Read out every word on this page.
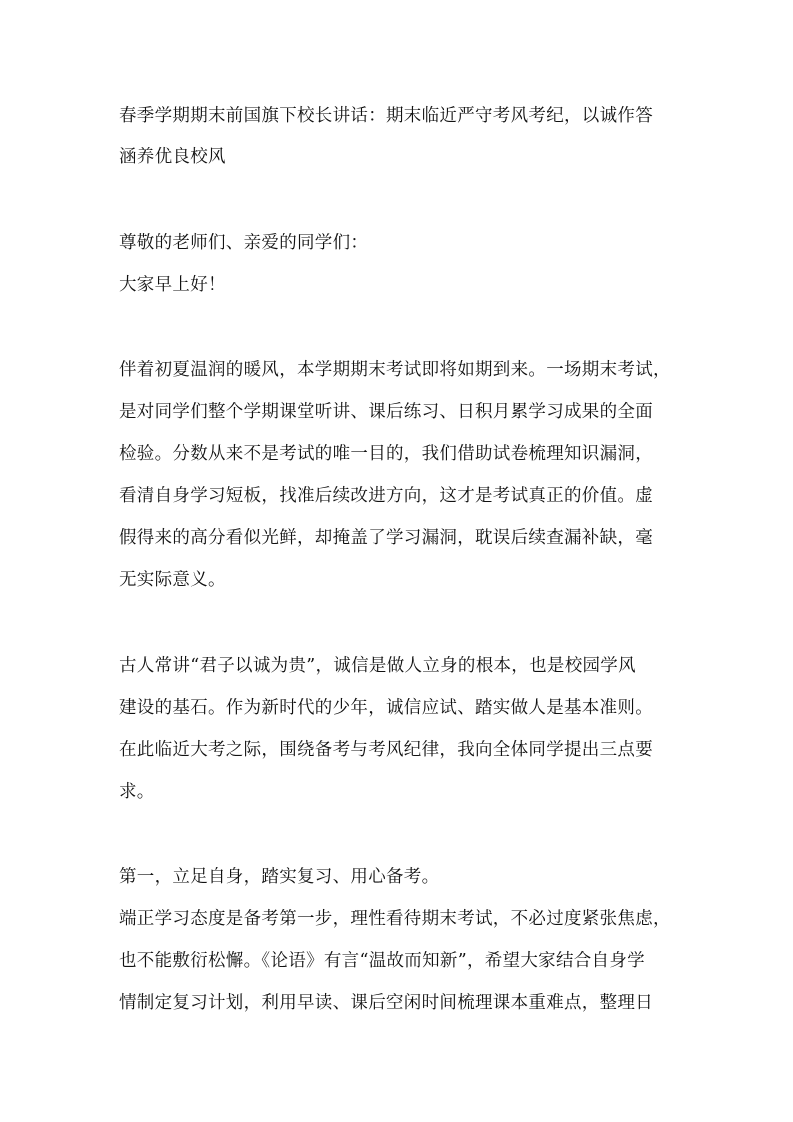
春季学期期末前国旗下校长讲话：期末临近严守考风考纪，以诚作答
涵养优良校风
尊敬的老师们、亲爱的同学们：
大家早上好！
伴着初夏温润的暖风，本学期期末考试即将如期到来。一场期末考试，
是对同学们整个学期课堂听讲、课后练习、日积月累学习成果的全面
检验。分数从来不是考试的唯一目的，我们借助试卷梳理知识漏洞，
看清自身学习短板，找准后续改进方向，这才是考试真正的价值。虚
假得来的高分看似光鲜，却掩盖了学习漏洞，耽误后续查漏补缺，毫
无实际意义。
古人常讲“君子以诚为贵”，诚信是做人立身的根本，也是校园学风
建设的基石。作为新时代的少年，诚信应试、踏实做人是基本准则。
在此临近大考之际，围绕备考与考风纪律，我向全体同学提出三点要
求。
第一，立足自身，踏实复习、用心备考。
端正学习态度是备考第一步，理性看待期末考试，不必过度紧张焦虑，
也不能敷衍松懈。《论语》有言“温故而知新”，希望大家结合自身学
情制定复习计划，利用早读、课后空闲时间梳理课本重难点，整理日
